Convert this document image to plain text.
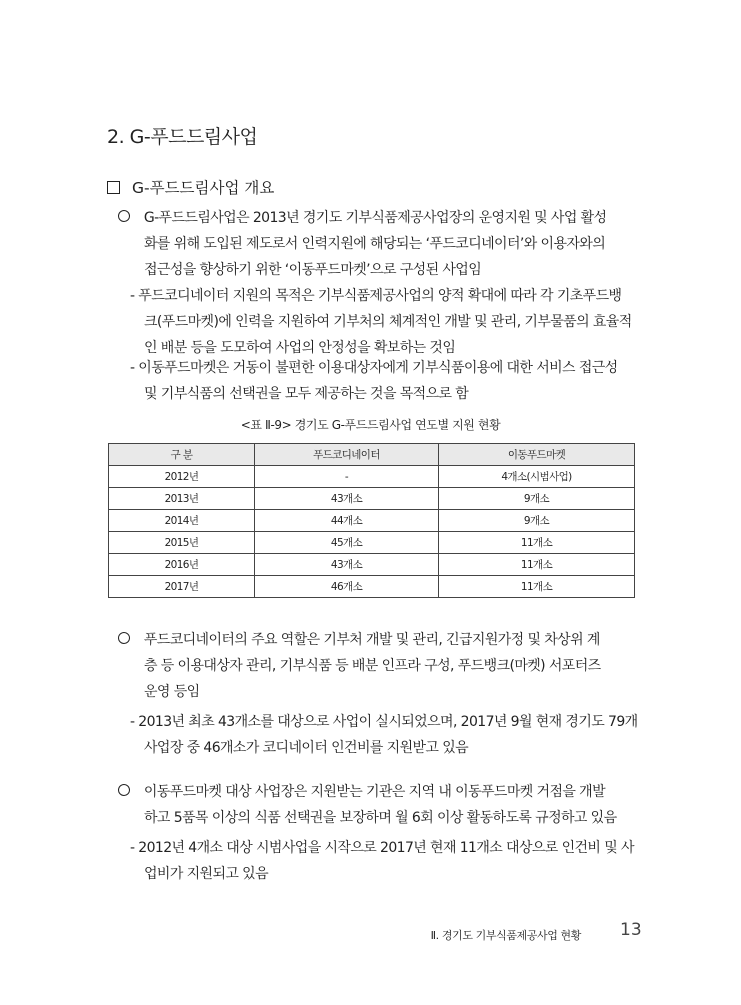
2. G-푸드드림사업
G-푸드드림사업 개요
G-푸드드림사업은 2013년 경기도 기부식품제공사업장의 운영지원 및 사업 활성
화를 위해 도입된 제도로서 인력지원에 해당되는 ‘푸드코디네이터’와 이용자와의
접근성을 향상하기 위한 ‘이동푸드마켓’으로 구성된 사업임
- 푸드코디네이터 지원의 목적은 기부식품제공사업의 양적 확대에 따라 각 기초푸드뱅
크(푸드마켓)에 인력을 지원하여 기부처의 체계적인 개발 및 관리, 기부물품의 효율적
인 배분 등을 도모하여 사업의 안정성을 확보하는 것임
- 이동푸드마켓은 거동이 불편한 이용대상자에게 기부식품이용에 대한 서비스 접근성
및 기부식품의 선택권을 모두 제공하는 것을 목적으로 함
<표 Ⅱ-9> 경기도 G-푸드드림사업 연도별 지원 현황
구 분	푸드코디네이터	이동푸드마켓
2012년	-	4개소(시범사업)
2013년	43개소	9개소
2014년	44개소	9개소
2015년	45개소	11개소
2016년	43개소	11개소
2017년	46개소	11개소
푸드코디네이터의 주요 역할은 기부처 개발 및 관리, 긴급지원가정 및 차상위 계
층 등 이용대상자 관리, 기부식품 등 배분 인프라 구성, 푸드뱅크(마켓) 서포터즈
운영 등임
- 2013년 최초 43개소를 대상으로 사업이 실시되었으며, 2017년 9월 현재 경기도 79개
사업장 중 46개소가 코디네이터 인건비를 지원받고 있음
이동푸드마켓 대상 사업장은 지원받는 기관은 지역 내 이동푸드마켓 거점을 개발
하고 5품목 이상의 식품 선택권을 보장하며 월 6회 이상 활동하도록 규정하고 있음
- 2012년 4개소 대상 시범사업을 시작으로 2017년 현재 11개소 대상으로 인건비 및 사
업비가 지원되고 있음
Ⅱ. 경기도 기부식품제공사업 현황 13
